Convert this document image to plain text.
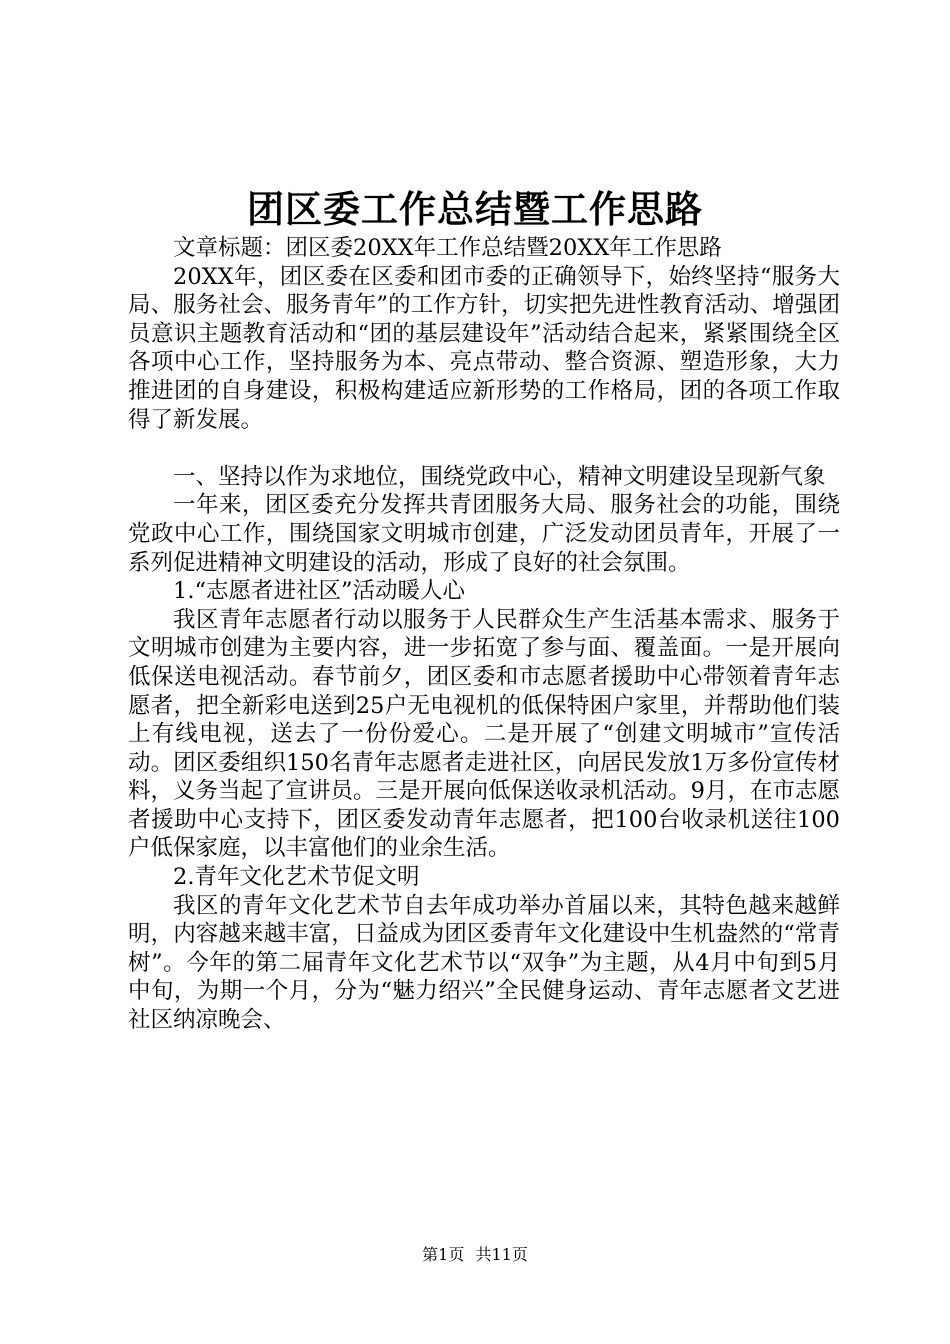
团区委工作总结暨工作思路

文章标题：团区委20XX年工作总结暨20XX年工作思路

20XX年，团区委在区委和团市委的正确领导下，始终坚持“服务大局、服务社会、服务青年”的工作方针，切实把先进性教育活动、增强团员意识主题教育活动和“团的基层建设年”活动结合起来，紧紧围绕全区各项中心工作，坚持服务为本、亮点带动、整合资源、塑造形象，大力推进团的自身建设，积极构建适应新形势的工作格局，团的各项工作取得了新发展。

一、坚持以作为求地位，围绕党政中心，精神文明建设呈现新气象

一年来，团区委充分发挥共青团服务大局、服务社会的功能，围绕党政中心工作，围绕国家文明城市创建，广泛发动团员青年，开展了一系列促进精神文明建设的活动，形成了良好的社会氛围。

1.“志愿者进社区”活动暖人心

我区青年志愿者行动以服务于人民群众生产生活基本需求、服务于文明城市创建为主要内容，进一步拓宽了参与面、覆盖面。一是开展向低保送电视活动。春节前夕，团区委和市志愿者援助中心带领着青年志愿者，把全新彩电送到25户无电视机的低保特困户家里，并帮助他们装上有线电视，送去了一份份爱心。二是开展了“创建文明城市”宣传活动。团区委组织150名青年志愿者走进社区，向居民发放1万多份宣传材料，义务当起了宣讲员。三是开展向低保送收录机活动。9月，在市志愿者援助中心支持下，团区委发动青年志愿者，把100台收录机送往100户低保家庭，以丰富他们的业余生活。

2.青年文化艺术节促文明

我区的青年文化艺术节自去年成功举办首届以来，其特色越来越鲜明，内容越来越丰富，日益成为团区委青年文化建设中生机盎然的“常青树”。今年的第二届青年文化艺术节以“双争”为主题，从4月中旬到5月中旬，为期一个月，分为“魅力绍兴”全民健身运动、青年志愿者文艺进社区纳凉晚会、

第1页 共11页
